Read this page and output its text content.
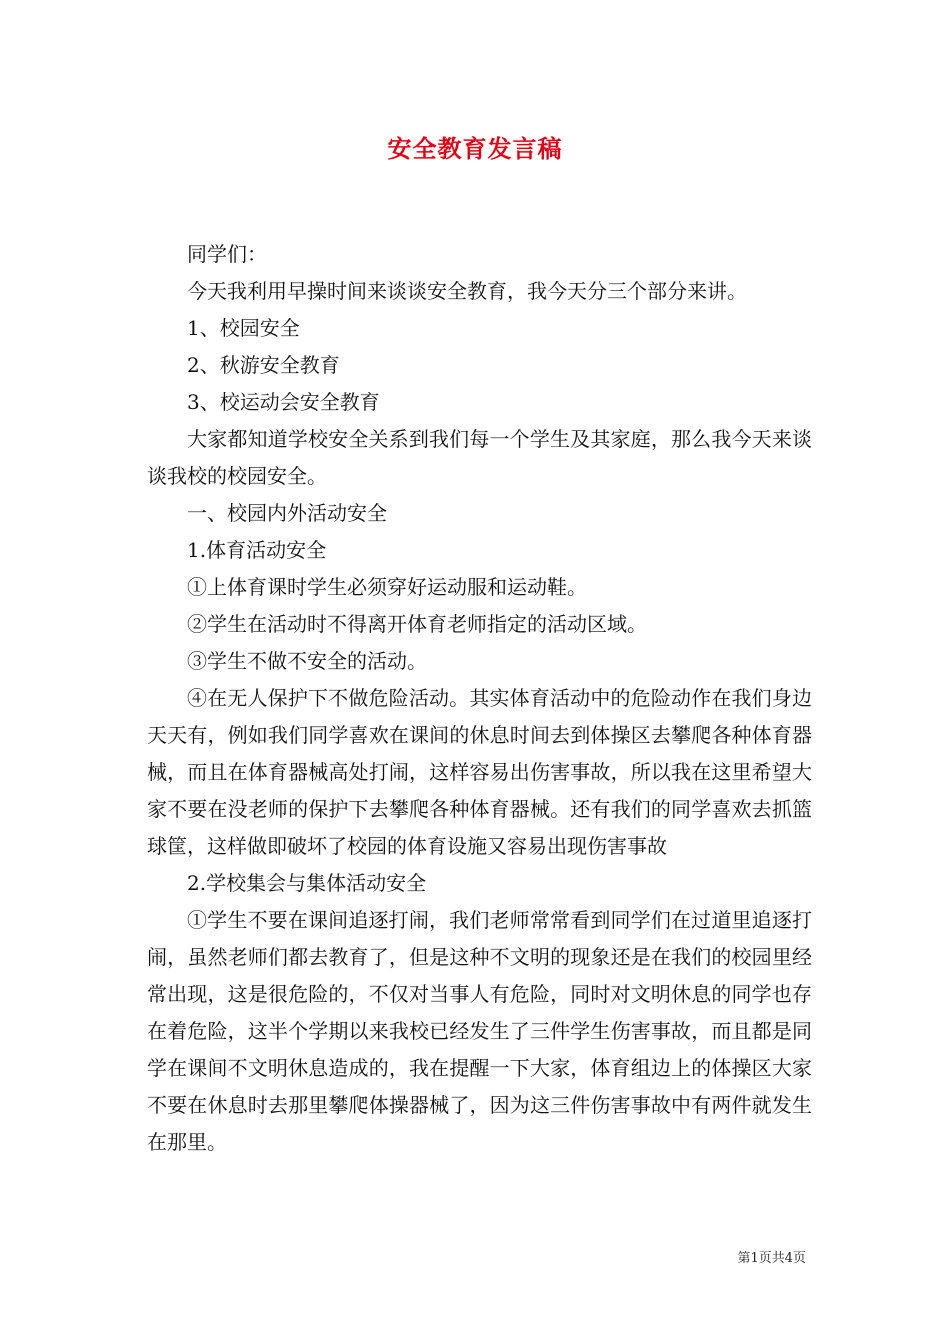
安全教育发言稿

同学们：

今天我利用早操时间来谈谈安全教育，我今天分三个部分来讲。

1、校园安全

2、秋游安全教育

3、校运动会安全教育

大家都知道学校安全关系到我们每一个学生及其家庭，那么我今天来谈谈我校的校园安全。

一、校园内外活动安全

1.体育活动安全

①上体育课时学生必须穿好运动服和运动鞋。

②学生在活动时不得离开体育老师指定的活动区域。

③学生不做不安全的活动。

④在无人保护下不做危险活动。其实体育活动中的危险动作在我们身边天天有，例如我们同学喜欢在课间的休息时间去到体操区去攀爬各种体育器械，而且在体育器械高处打闹，这样容易出伤害事故，所以我在这里希望大家不要在没老师的保护下去攀爬各种体育器械。还有我们的同学喜欢去抓篮球筐，这样做即破坏了校园的体育设施又容易出现伤害事故

2.学校集会与集体活动安全

①学生不要在课间追逐打闹，我们老师常常看到同学们在过道里追逐打闹，虽然老师们都去教育了，但是这种不文明的现象还是在我们的校园里经常出现，这是很危险的，不仅对当事人有危险，同时对文明休息的同学也存在着危险，这半个学期以来我校已经发生了三件学生伤害事故，而且都是同学在课间不文明休息造成的，我在提醒一下大家，体育组边上的体操区大家不要在休息时去那里攀爬体操器械了，因为这三件伤害事故中有两件就发生在那里。

第1页共4页
